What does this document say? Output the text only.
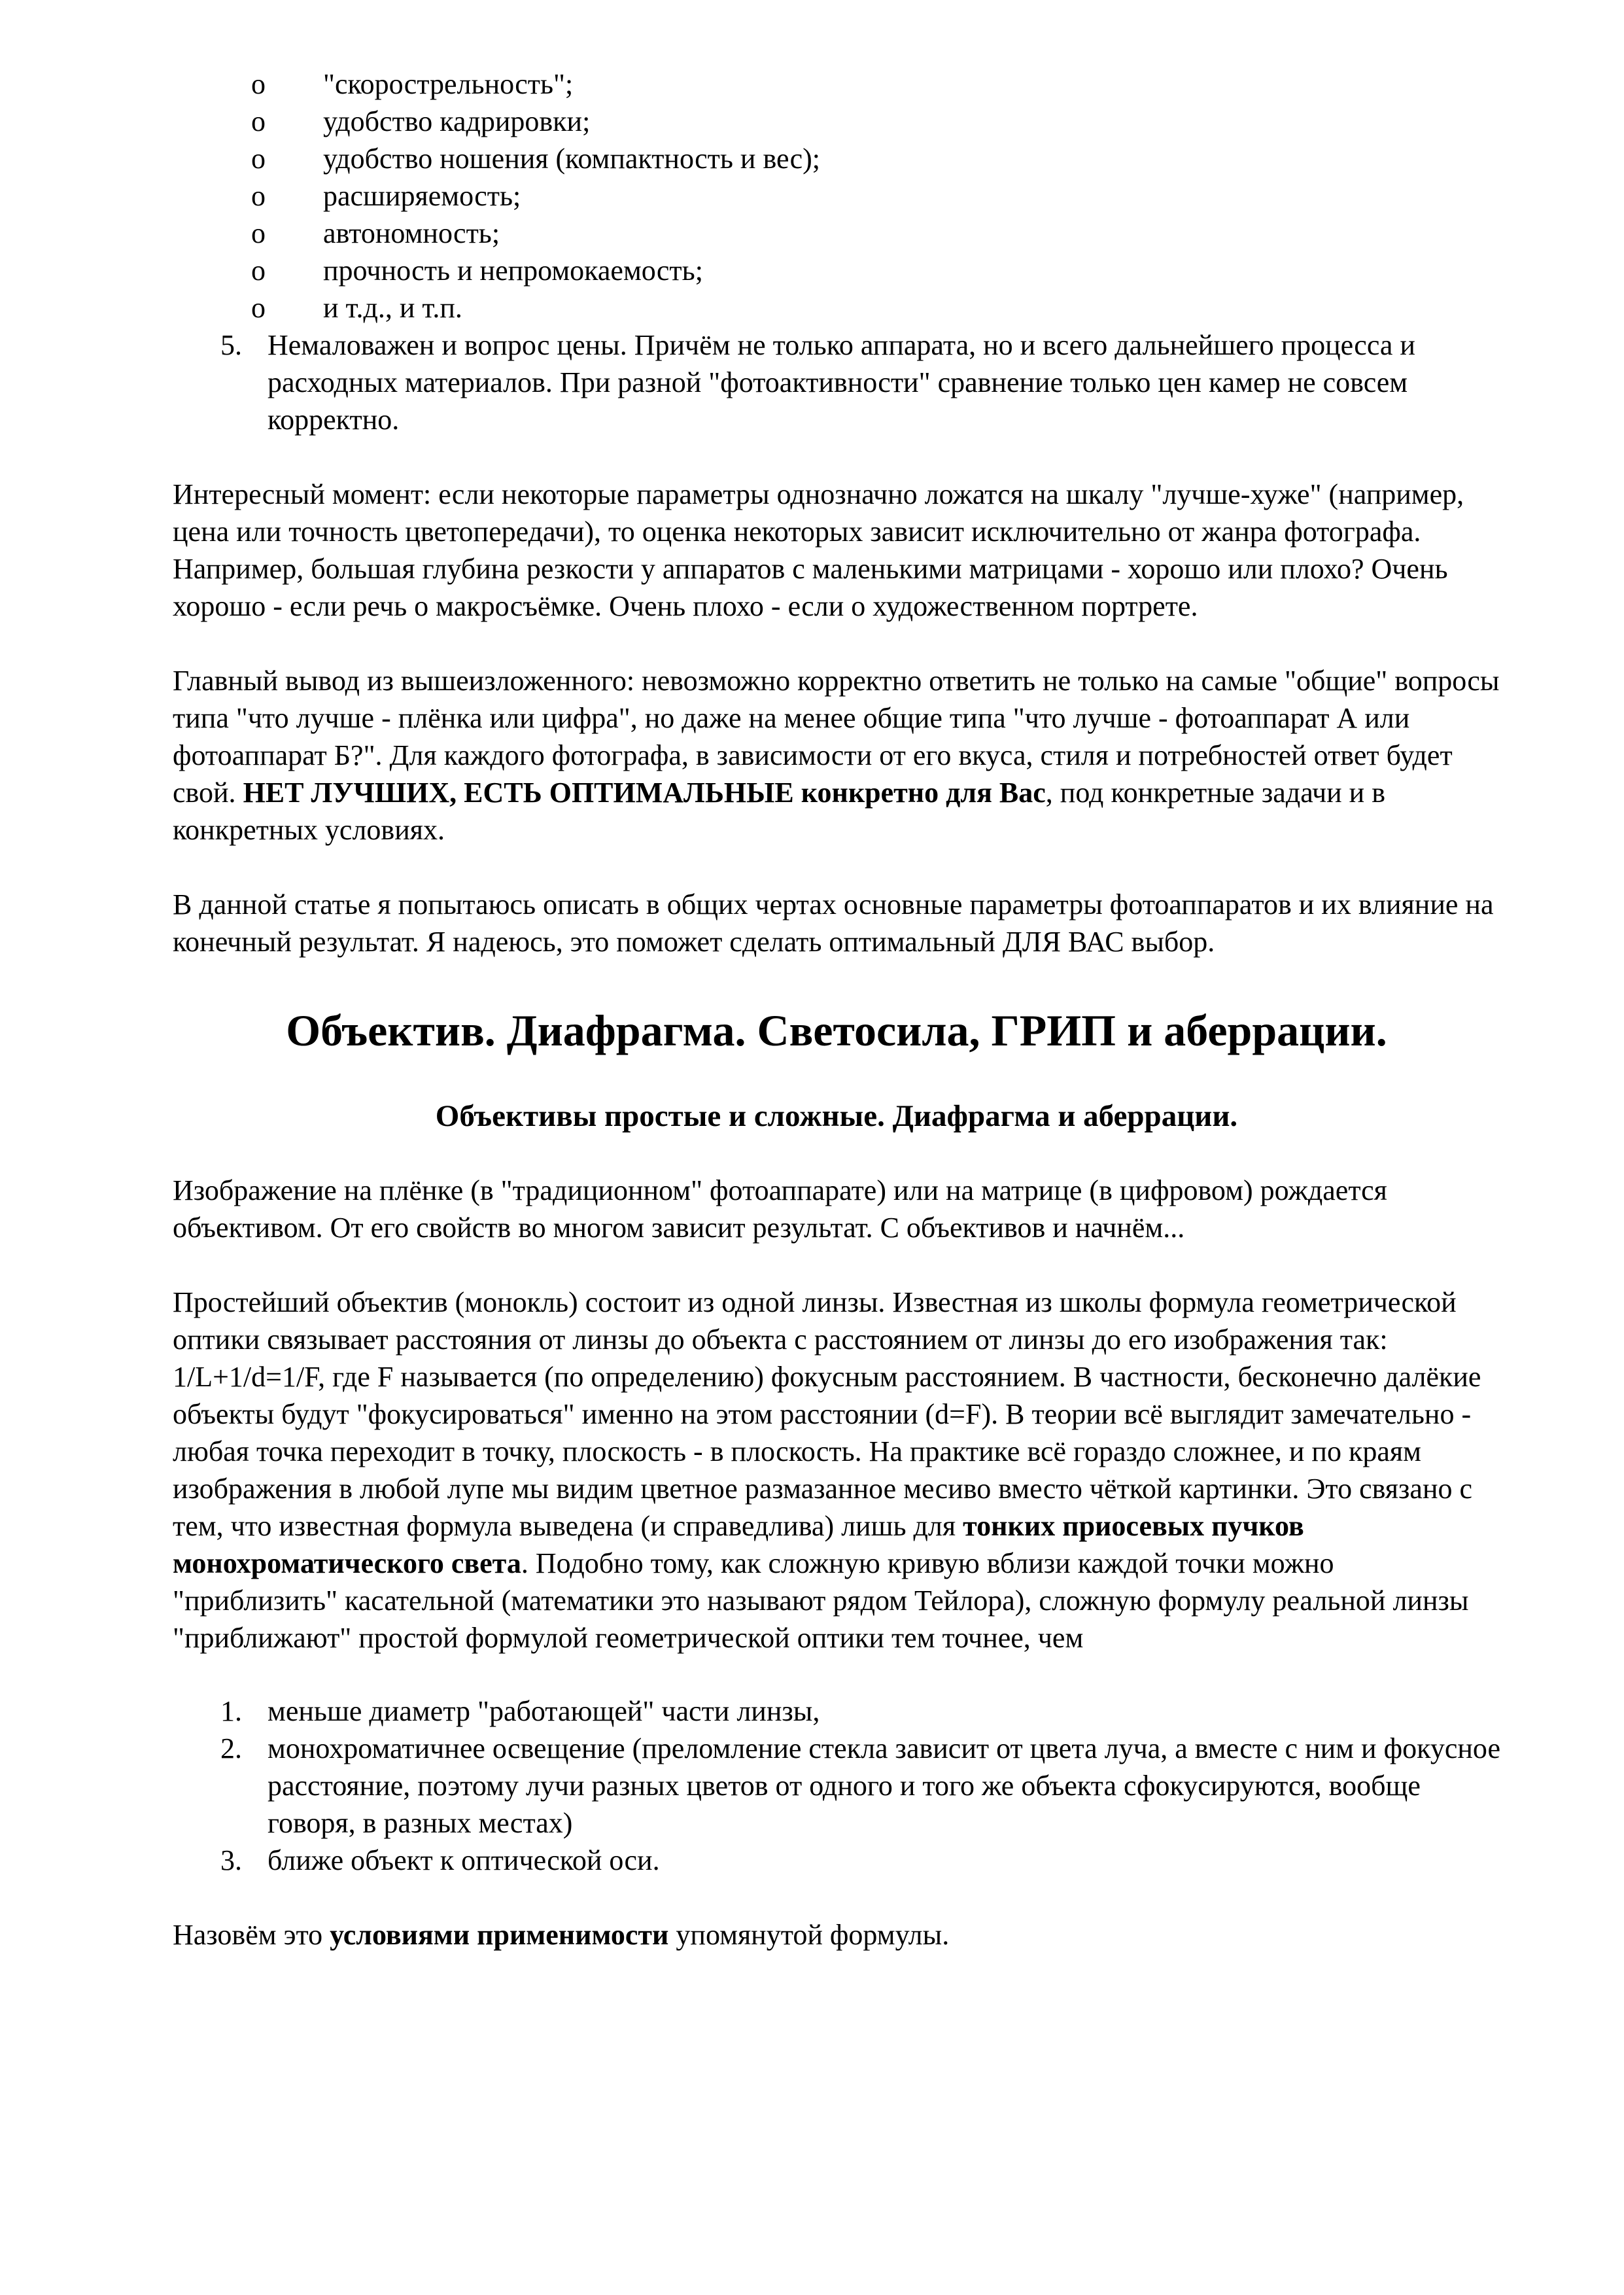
o "скорострельность";
o удобство кадрировки;
o удобство ношения (компактность и вес);
o расширяемость;
o автономность;
o прочность и непромокаемость;
o и т.д., и т.п.
5. Немаловажен и вопрос цены. Причём не только аппарата, но и всего дальнейшего процесса и расходных материалов. При разной "фотоактивности" сравнение только цен камер не совсем корректно.

Интересный момент: если некоторые параметры однозначно ложатся на шкалу "лучше-хуже" (например, цена или точность цветопередачи), то оценка некоторых зависит исключительно от жанра фотографа. Например, большая глубина резкости у аппаратов с маленькими матрицами - хорошо или плохо? Очень хорошо - если речь о макросъёмке. Очень плохо - если о художественном портрете.

Главный вывод из вышеизложенного: невозможно корректно ответить не только на самые "общие" вопросы типа "что лучше - плёнка или цифра", но даже на менее общие типа "что лучше - фотоаппарат А или фотоаппарат Б?". Для каждого фотографа, в зависимости от его вкуса, стиля и потребностей ответ будет свой. НЕТ ЛУЧШИХ, ЕСТЬ ОПТИМАЛЬНЫЕ конкретно для Вас, под конкретные задачи и в конкретных условиях.

В данной статье я попытаюсь описать в общих чертах основные параметры фотоаппаратов и их влияние на конечный результат. Я надеюсь, это поможет сделать оптимальный ДЛЯ ВАС выбор.

Объектив. Диафрагма. Светосила, ГРИП и аберрации.
Объективы простые и сложные. Диафрагма и аберрации.

Изображение на плёнке (в "традиционном" фотоаппарате) или на матрице (в цифровом) рождается объективом. От его свойств во многом зависит результат. С объективов и начнём...

Простейший объектив (монокль) состоит из одной линзы. Известная из школы формула геометрической оптики связывает расстояния от линзы до объекта с расстоянием от линзы до его изображения так: 1/L+1/d=1/F, где F называется (по определению) фокусным расстоянием. В частности, бесконечно далёкие объекты будут "фокусироваться" именно на этом расстоянии (d=F). В теории всё выглядит замечательно - любая точка переходит в точку, плоскость - в плоскость. На практике всё гораздо сложнее, и по краям изображения в любой лупе мы видим цветное размазанное месиво вместо чёткой картинки. Это связано с тем, что известная формула выведена (и справедлива) лишь для тонких приосевых пучков монохроматического света. Подобно тому, как сложную кривую вблизи каждой точки можно "приблизить" касательной (математики это называют рядом Тейлора), сложную формулу реальной линзы "приближают" простой формулой геометрической оптики тем точнее, чем

1. меньше диаметр "работающей" части линзы,
2. монохроматичнее освещение (преломление стекла зависит от цвета луча, а вместе с ним и фокусное расстояние, поэтому лучи разных цветов от одного и того же объекта сфокусируются, вообще говоря, в разных местах)
3. ближе объект к оптической оси.

Назовём это условиями применимости упомянутой формулы.
